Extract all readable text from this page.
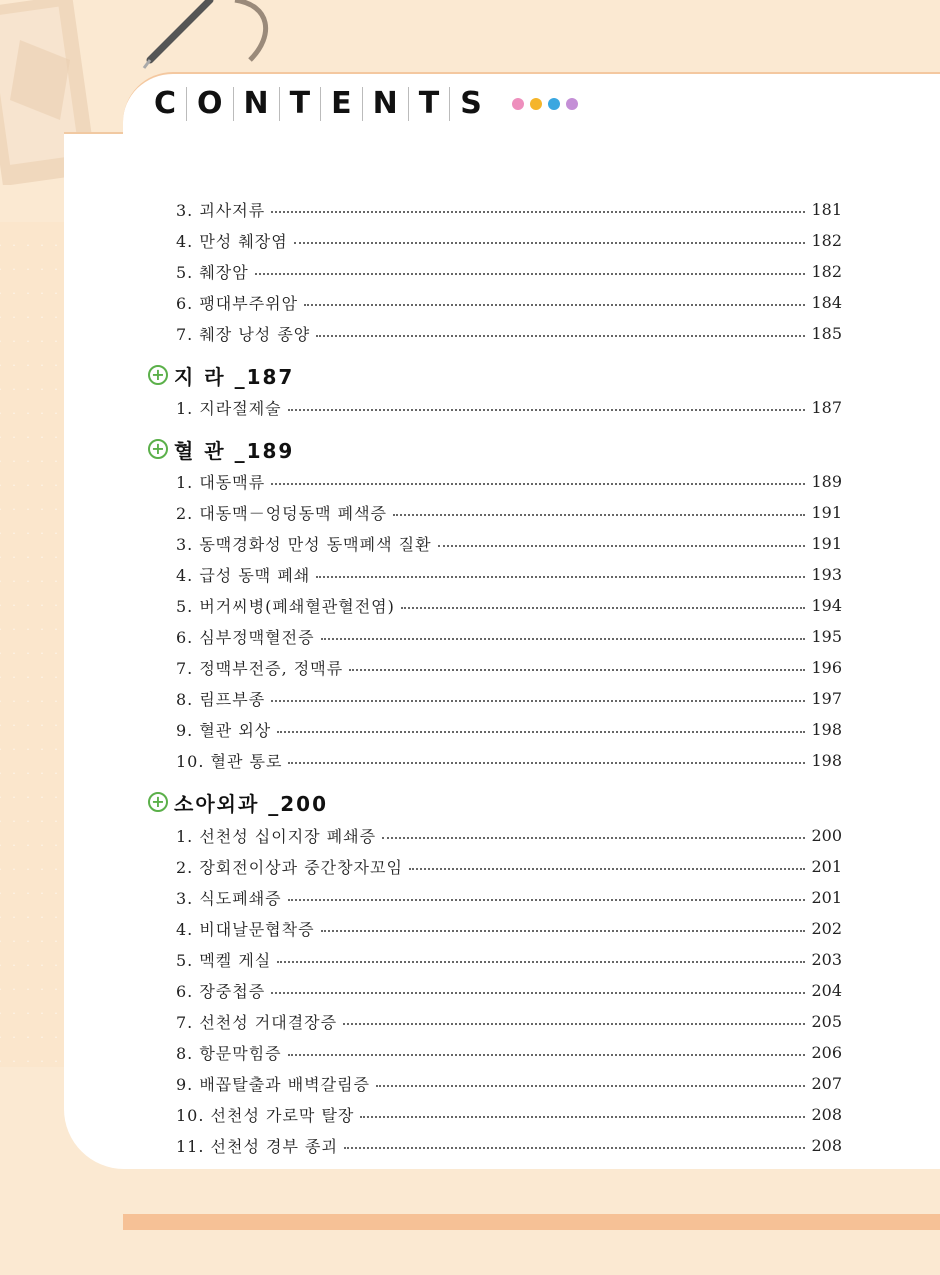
C O N T E N T S
3. 괴사저류	181
4. 만성 췌장염	182
5. 췌장암	182
6. 팽대부주위암	184
7. 췌장 낭성 종양	185
+ 지 라 _187
1. 지라절제술	187
+ 혈 관 _189
1. 대동맥류	189
2. 대동맥－엉덩동맥 폐색증	191
3. 동맥경화성 만성 동맥폐색 질환	191
4. 급성 동맥 폐쇄	193
5. 버거씨병(폐쇄혈관혈전염)	194
6. 심부정맥혈전증	195
7. 정맥부전증, 정맥류	196
8. 림프부종	197
9. 혈관 외상	198
10. 혈관 통로	198
+ 소아외과 _200
1. 선천성 십이지장 폐쇄증	200
2. 장회전이상과 중간창자꼬임	201
3. 식도폐쇄증	201
4. 비대날문협착증	202
5. 멕켈 게실	203
6. 장중첩증	204
7. 선천성 거대결장증	205
8. 항문막힘증	206
9. 배꼽탈출과 배벽갈림증	207
10. 선천성 가로막 탈장	208
11. 선천성 경부 종괴	208
